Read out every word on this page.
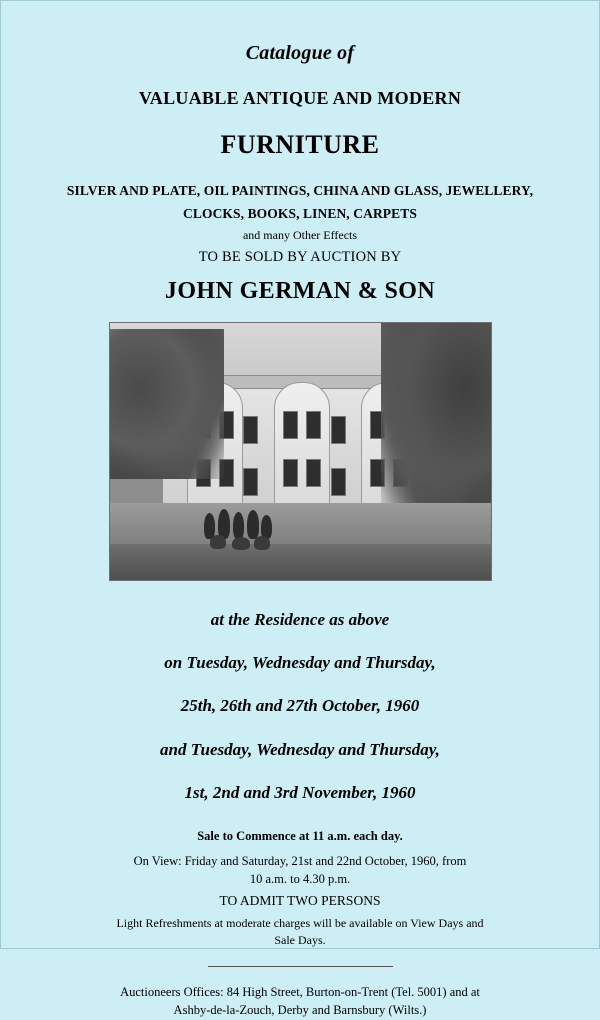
Catalogue of
VALUABLE ANTIQUE AND MODERN
FURNITURE
SILVER AND PLATE, OIL PAINTINGS, CHINA AND GLASS, JEWELLERY,
CLOCKS, BOOKS, LINEN, CARPETS
and many Other Effects
TO BE SOLD BY AUCTION BY
JOHN GERMAN & SON
at the Residence as above
on Tuesday, Wednesday and Thursday,
25th, 26th and 27th October, 1960
and Tuesday, Wednesday and Thursday,
1st, 2nd and 3rd November, 1960
Sale to Commence at 11 a.m. each day.
On View: Friday and Saturday, 21st and 22nd October, 1960, from
10 a.m. to 4.30 p.m.
TO ADMIT TWO PERSONS
Light Refreshments at moderate charges will be available on View Days and
Sale Days.
Auctioneers Offices: 84 High Street, Burton-on-Trent (Tel. 5001) and at
Ashby-de-la-Zouch, Derby and Barnsbury (Wilts.)
